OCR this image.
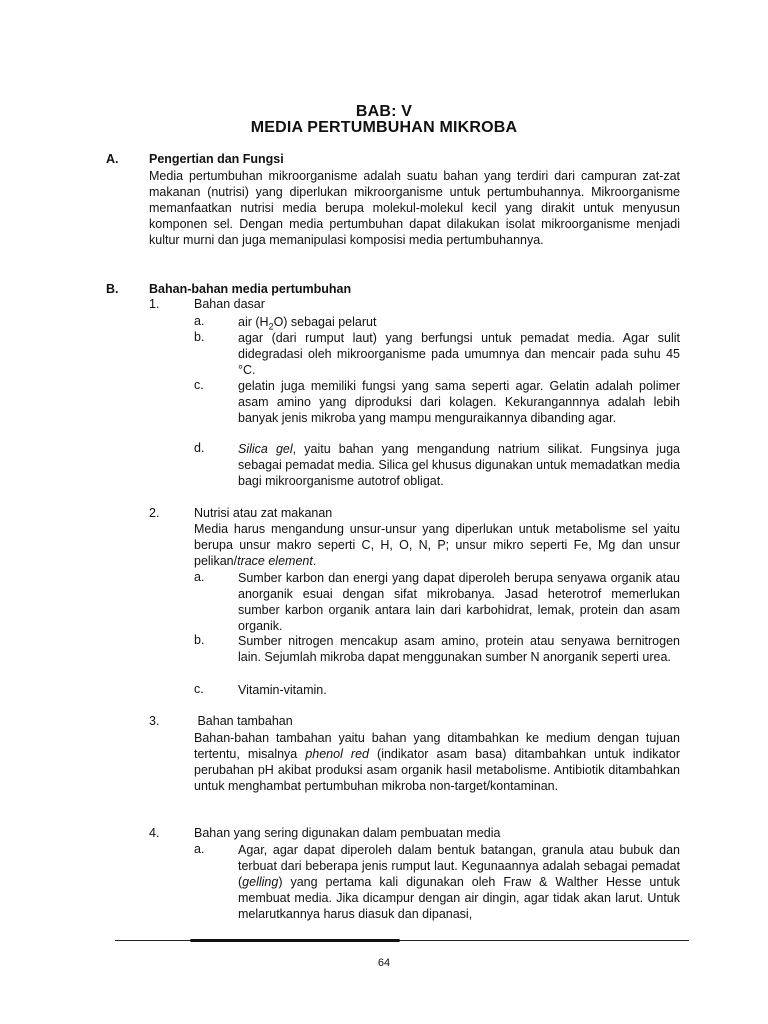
BAB: V
MEDIA PERTUMBUHAN MIKROBA
A. Pengertian dan Fungsi
Media pertumbuhan mikroorganisme adalah suatu bahan yang terdiri dari campuran zat-zat makanan (nutrisi) yang diperlukan mikroorganisme untuk pertumbuhannya. Mikroorganisme memanfaatkan nutrisi media berupa molekul-molekul kecil yang dirakit untuk menyusun komponen sel. Dengan media pertumbuhan dapat dilakukan isolat mikroorganisme menjadi kultur murni dan juga memanipulasi komposisi media pertumbuhannya.
B. Bahan-bahan media pertumbuhan
1.	Bahan dasar
a.	air $(H_2O)$ sebagai pelarut
b.	agar (dari rumput laut) yang berfungsi untuk pemadat media. Agar sulit didegradasi oleh mikroorganisme pada umumnya dan mencair pada suhu 45 °C.
c.	gelatin juga memiliki fungsi yang sama seperti agar. Gelatin adalah polimer asam amino yang diproduksi dari kolagen. Kekurangannnya adalah lebih banyak jenis mikroba yang mampu menguraikannya dibanding agar.
d.	Silica gel, yaitu bahan yang mengandung natrium silikat. Fungsinya juga sebagai pemadat media. Silica gel khusus digunakan untuk memadatkan media bagi mikroorganisme autotrof obligat.
2.	Nutrisi atau zat makanan
Media harus mengandung unsur-unsur yang diperlukan untuk metabolisme sel yaitu berupa unsur makro seperti C, H, O, N, P; unsur mikro seperti Fe, Mg dan unsur pelikan/trace element.
a.	Sumber karbon dan energi yang dapat diperoleh berupa senyawa organik atau anorganik esuai dengan sifat mikrobanya. Jasad heterotrof memerlukan sumber karbon organik antara lain dari karbohidrat, lemak, protein dan asam organik.
b.	Sumber nitrogen mencakup asam amino, protein atau senyawa bernitrogen lain. Sejumlah mikroba dapat menggunakan sumber N anorganik seperti urea.
c.	Vitamin-vitamin.
3.	Bahan tambahan
Bahan-bahan tambahan yaitu bahan yang ditambahkan ke medium dengan tujuan tertentu, misalnya phenol red (indikator asam basa) ditambahkan untuk indikator perubahan pH akibat produksi asam organik hasil metabolisme. Antibiotik ditambahkan untuk menghambat pertumbuhan mikroba non-target/kontaminan.
4.	Bahan yang sering digunakan dalam pembuatan media
a.	Agar, agar dapat diperoleh dalam bentuk batangan, granula atau bubuk dan terbuat dari beberapa jenis rumput laut. Kegunaannya adalah sebagai pemadat (gelling) yang pertama kali digunakan oleh Fraw & Walther Hesse untuk membuat media. Jika dicampur dengan air dingin, agar tidak akan larut. Untuk melarutkannya harus diasuk dan dipanasi,
64
